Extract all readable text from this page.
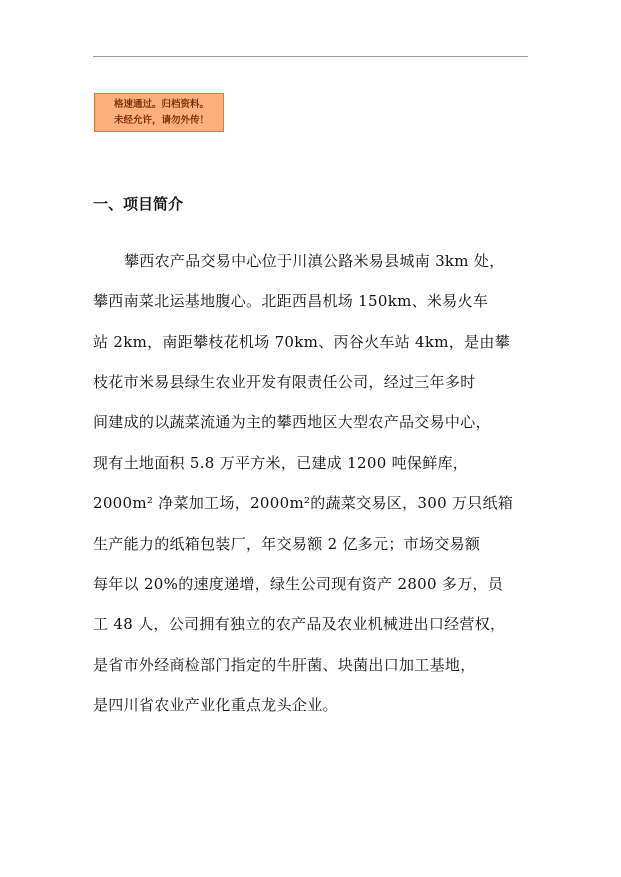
格速通过。归档资料。
未经允许，请勿外传！
一、项目简介
攀西农产品交易中心位于川滇公路米易县城南 3km 处，
攀西南菜北运基地腹心。北距西昌机场 150km、米易火车
站 2km，南距攀枝花机场 70km、丙谷火车站 4km，是由攀
枝花市米易县绿生农业开发有限责任公司，经过三年多时
间建成的以蔬菜流通为主的攀西地区大型农产品交易中心，
现有土地面积 5.8 万平方米，已建成 1200 吨保鲜库，
2000m² 净菜加工场，2000m²的蔬菜交易区，300 万只纸箱
生产能力的纸箱包装厂，年交易额 2 亿多元；市场交易额
每年以 20%的速度递增，绿生公司现有资产 2800 多万，员
工 48 人，公司拥有独立的农产品及农业机械进出口经营权，
是省市外经商检部门指定的牛肝菌、块菌出口加工基地，
是四川省农业产业化重点龙头企业。
